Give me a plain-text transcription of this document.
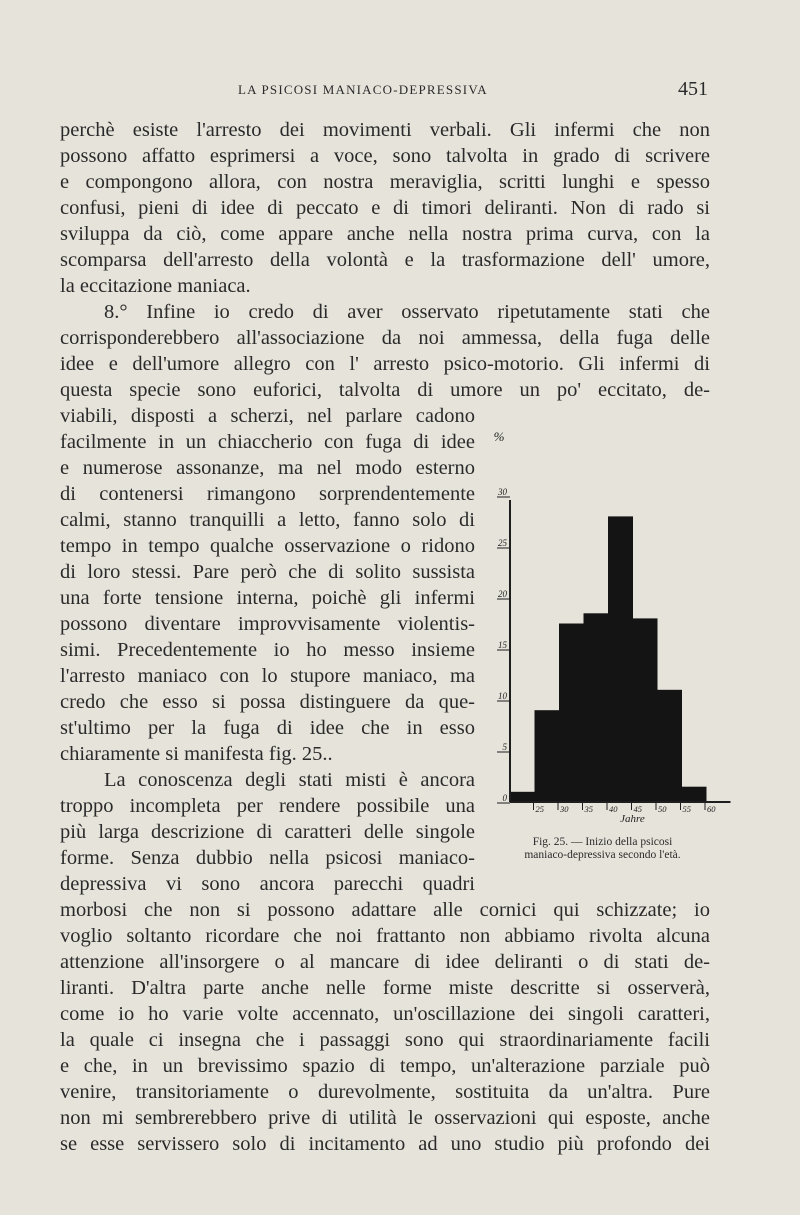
LA PSICOSI MANIACO-DEPRESSIVA	451
perchè esiste l'arresto dei movimenti verbali. Gli infermi che non
possono affatto esprimersi a voce, sono talvolta in grado di scrivere
e compongono allora, con nostra meraviglia, scritti lunghi e spesso
confusi, pieni di idee di peccato e di timori deliranti. Non di rado si
sviluppa da ciò, come appare anche nella nostra prima curva, con la
scomparsa dell'arresto della volontà e la trasformazione dell' umore,
la eccitazione maniaca.
8.° Infine io credo di aver osservato ripetutamente stati che
corrisponderebbero all'associazione da noi ammessa, della fuga delle
idee e dell'umore allegro con l' arresto psico-motorio. Gli infermi di
questa specie sono euforici, talvolta di umore un po' eccitato, de-
viabili, disposti a scherzi, nel parlare cadono
facilmente in un chiaccherio con fuga di idee
e numerose assonanze, ma nel modo esterno
di contenersi rimangono sorprendentemente
calmi, stanno tranquilli a letto, fanno solo di
tempo in tempo qualche osservazione o ridono
di loro stessi. Pare però che di solito sussista
una forte tensione interna, poichè gli infermi
possono diventare improvvisamente violentis-
simi. Precedentemente io ho messo insieme
l'arresto maniaco con lo stupore maniaco, ma
credo che esso si possa distinguere da que-
st'ultimo per la fuga di idee che in esso
chiaramente si manifesta fig. 25..
La conoscenza degli stati misti è ancora
troppo incompleta per rendere possibile una
più larga descrizione di caratteri delle singole
forme. Senza dubbio nella psicosi maniaco-
depressiva vi sono ancora parecchi quadri
morbosi che non si possono adattare alle cornici qui schizzate; io
voglio soltanto ricordare che noi frattanto non abbiamo rivolta alcuna
attenzione all'insorgere o al mancare di idee deliranti o di stati de-
liranti. D'altra parte anche nelle forme miste descritte si osserverà,
come io ho varie volte accennato, un'oscillazione dei singoli caratteri,
la quale ci insegna che i passaggi sono qui straordinariamente facili
e che, in un brevissimo spazio di tempo, un'alterazione parziale può
venire, transitoriamente o durevolmente, sostituita da un'altra. Pure
non mi sembrerebbero prive di utilità le osservazioni qui esposte, anche
se esse servissero solo di incitamento ad uno studio più profondo dei
0
5
10
15
20
25
30
%
25 30 35 40 45 50 55 60
Jahre
Fig. 25. — Inizio della psicosi
maniaco-depressiva secondo l'età.
